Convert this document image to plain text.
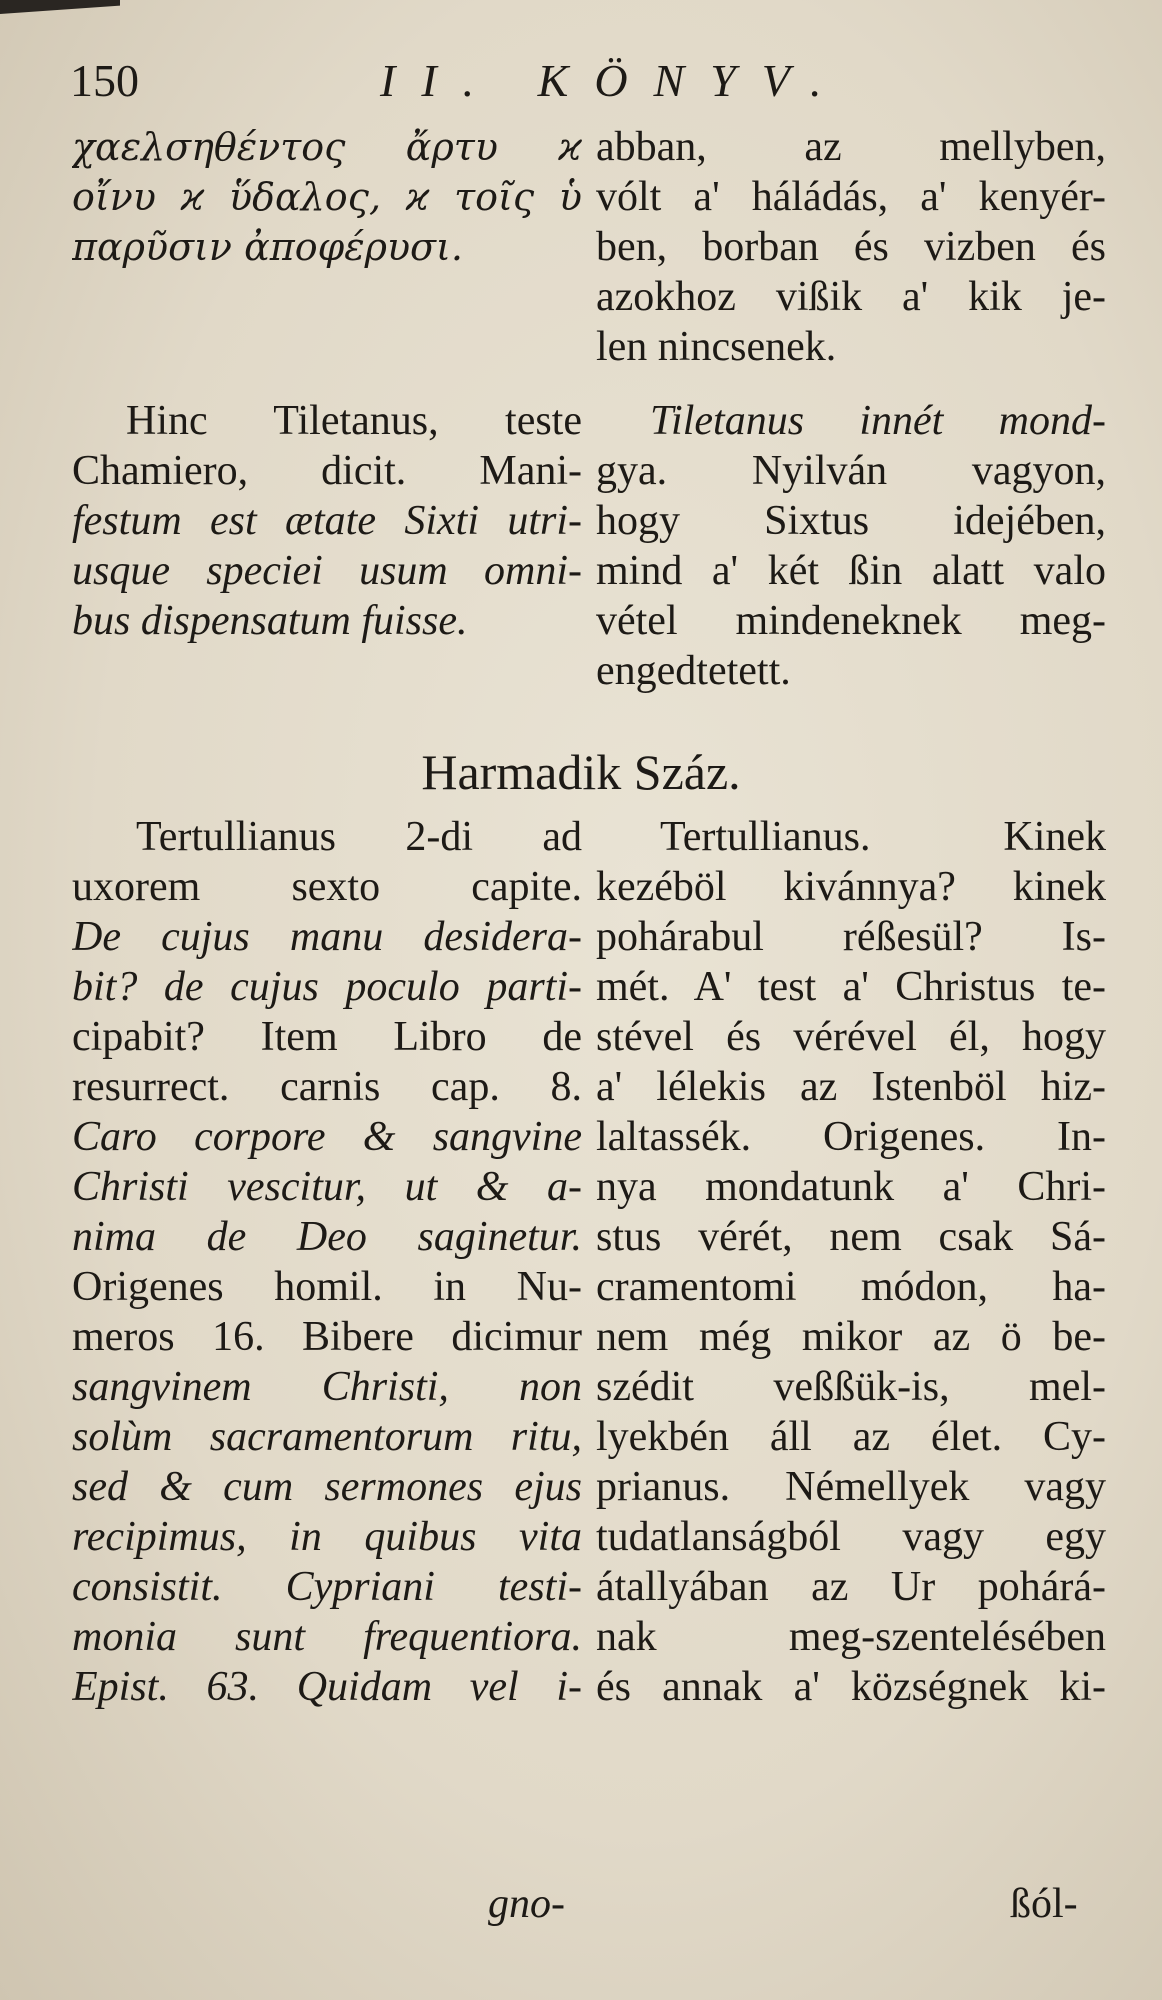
150	II. KÖNYV.
χαελσηθέντος ἄρτυ ϰ
οἴνυ ϰ ὕδαλος, ϰ τοῖς ὑ
παρῦσιν ἀποφέρυσι.
abban, az mellyben,
vólt a' háládás, a' kenyér-
ben, borban és vizben és
azokhoz vißik a' kik je-
len nincsenek.
Hinc Tiletanus, teste
Chamiero, dicit. Mani-
festum est ætate Sixti utri-
usque speciei usum omni-
bus dispensatum fuisse.
Tiletanus innét mond-
gya. Nyilván vagyon,
hogy Sixtus idejében,
mind a' két ßin alatt valo
vétel mindeneknek meg-
engedtetett.
Harmadik Száz.
Tertullianus 2-di ad
uxorem sexto capite.
De cujus manu desidera-
bit? de cujus poculo parti-
cipabit? Item Libro de
resurrect. carnis cap. 8.
Caro corpore & sangvine
Christi vescitur, ut & a-
nima de Deo saginetur.
Origenes homil. in Nu-
meros 16. Bibere dicimur
sangvinem Christi, non
solùm sacramentorum ritu,
sed & cum sermones ejus
recipimus, in quibus vita
consistit. Cypriani testi-
monia sunt frequentiora.
Epist. 63. Quidam vel i-
Tertullianus. Kinek
kezéböl kivánnya? kinek
pohárabul réßesül? Is-
mét. A' test a' Christus te-
stével és vérével él, hogy
a' lélekis az Istenböl hiz-
laltassék. Origenes. In-
nya mondatunk a' Chri-
stus vérét, nem csak Sá-
cramentomi módon, ha-
nem még mikor az ö be-
szédit veßßük-is, mel-
lyekbén áll az élet. Cy-
prianus. Némellyek vagy
tudatlanságból vagy egy
átallyában az Ur pohárá-
nak meg-szentelésében
és annak a' községnek ki-
gno-	ßól-
